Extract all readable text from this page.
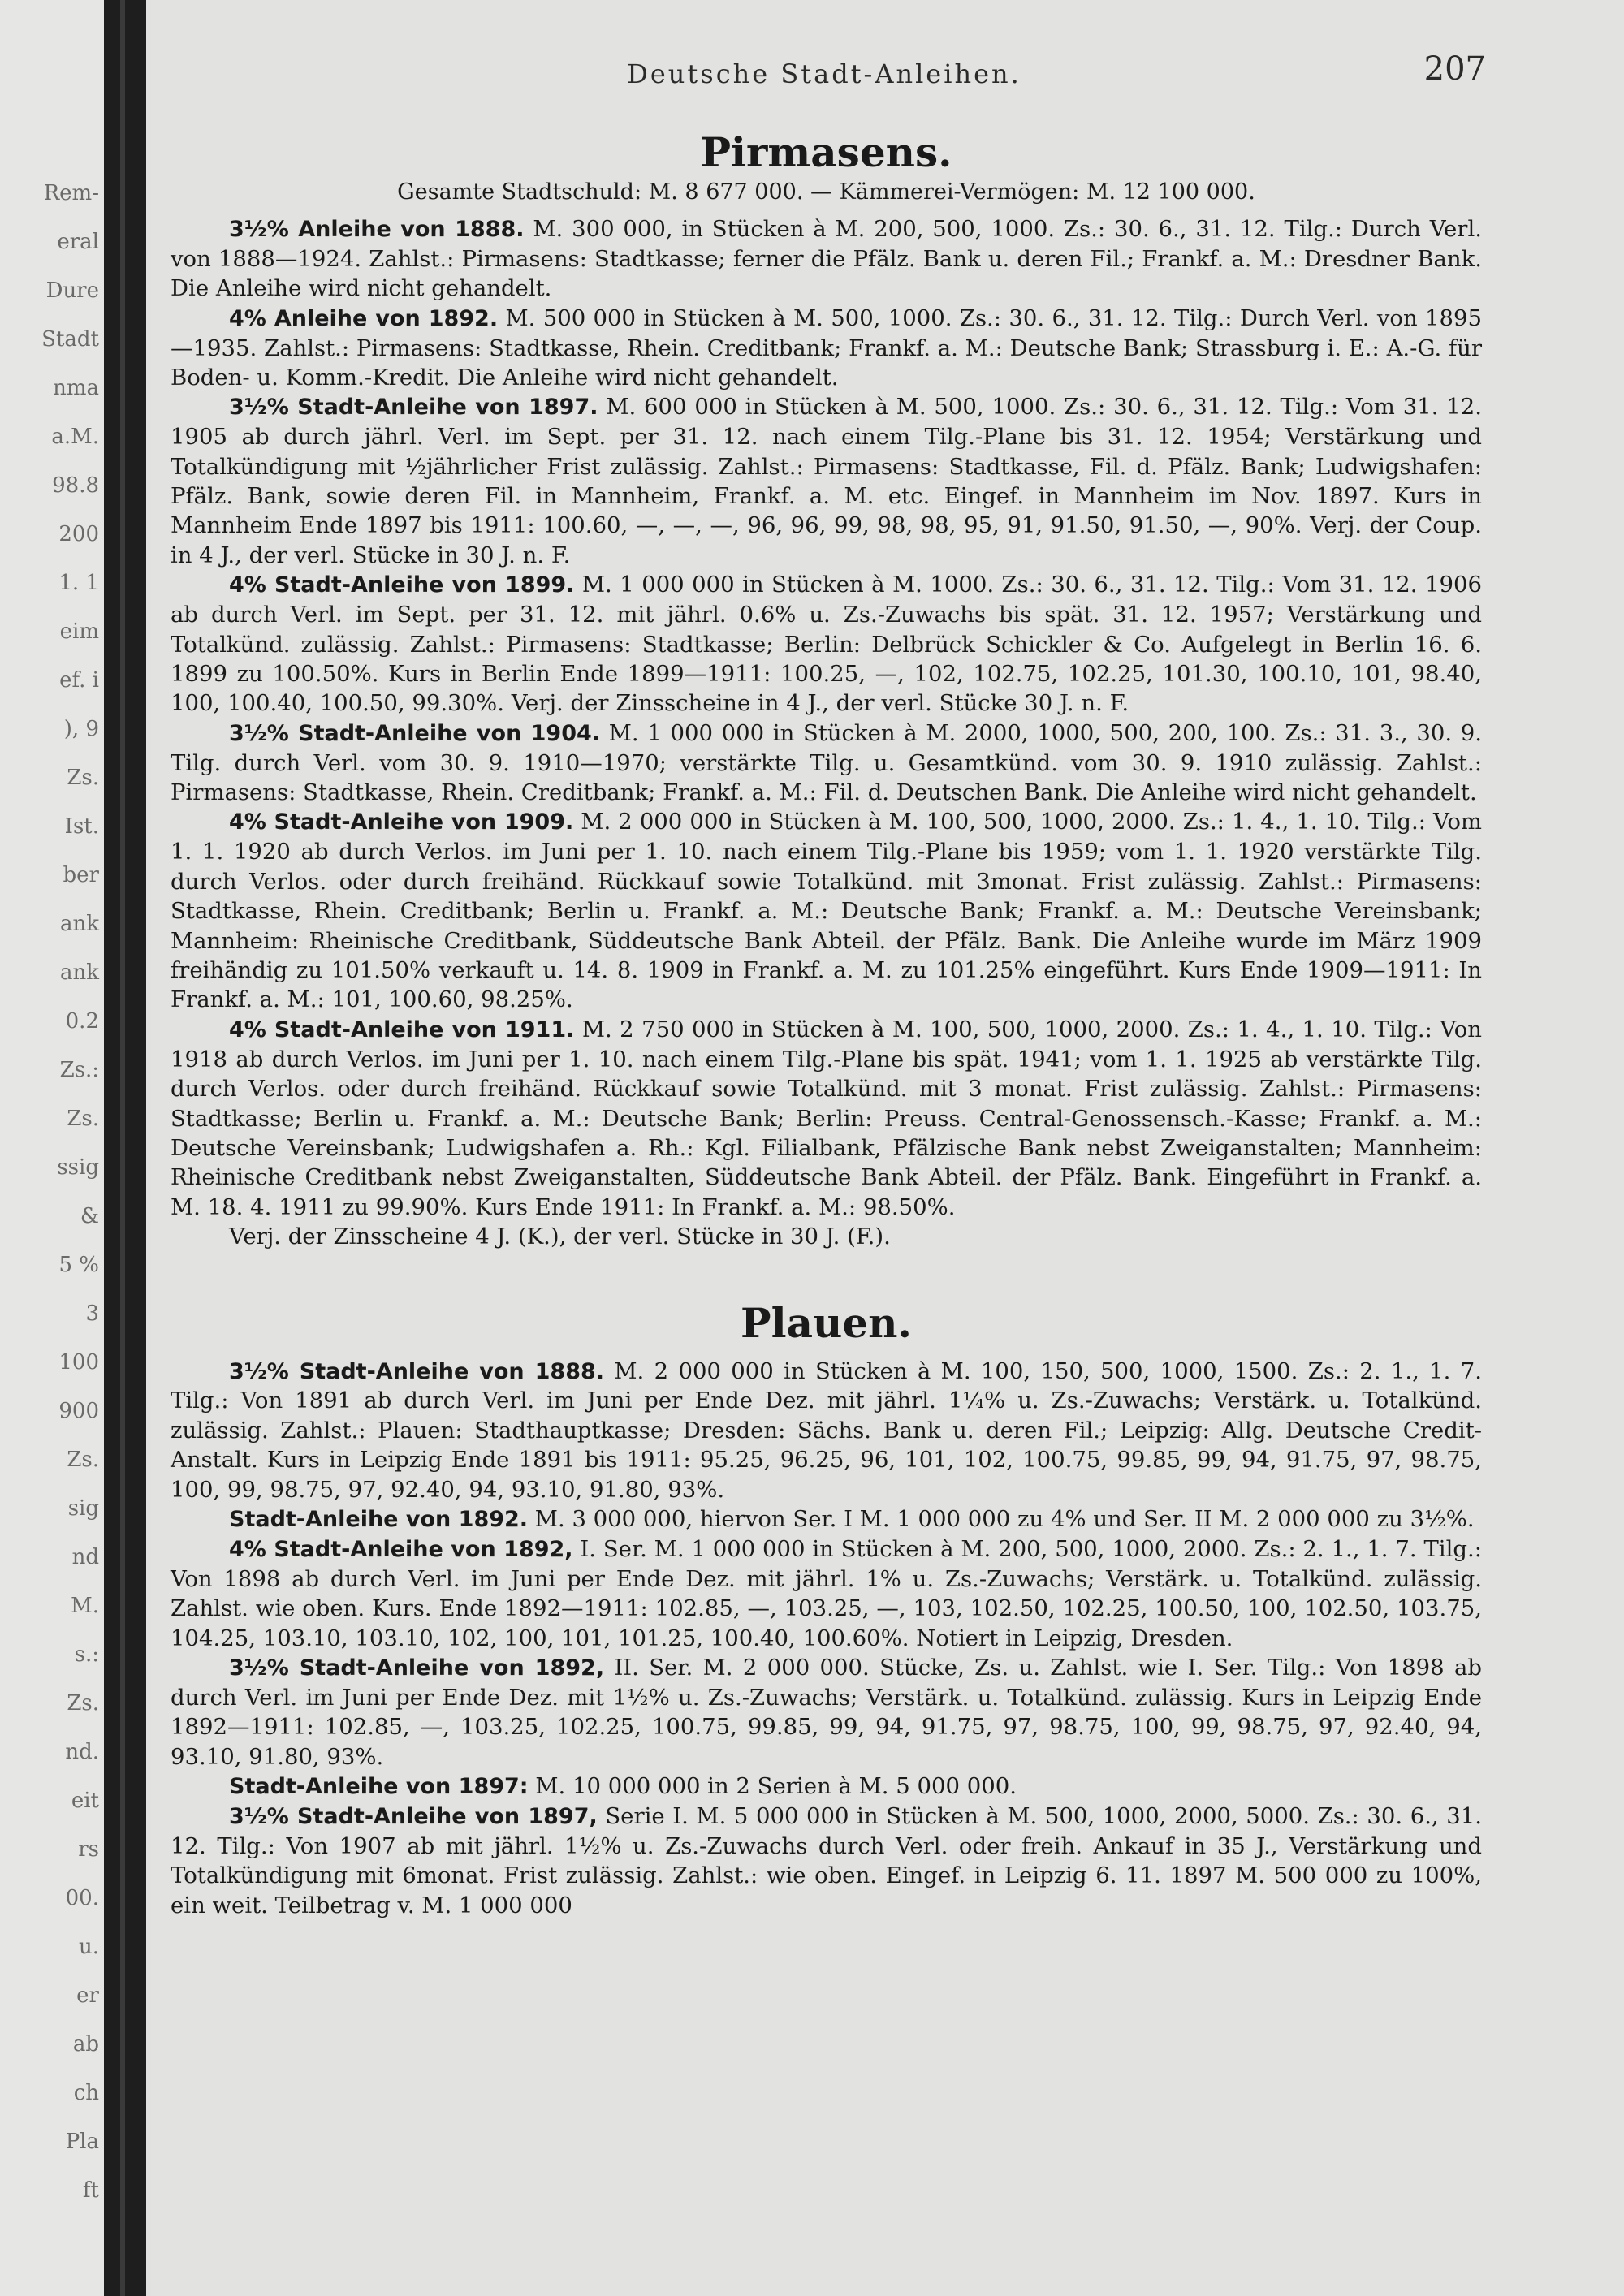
Rem-
eral
Dure
Stadt
nma
a.M.
98.8
200
1. 1
eim
ef. i
), 9
Zs.
Ist.
ber
ank
ank
0.2
Zs.:
Zs.
ssig
&
5 %
3
100
900
Zs.
sig
nd
M.
s.:
Zs.
nd.
eit
rs
00.
u.
er
ab
ch
Pla
ft
Deutsche Stadt-Anleihen.	207
Pirmasens.
Gesamte Stadtschuld: M. 8 677 000. — Kämmerei-Vermögen: M. 12 100 000.

3½% Anleihe von 1888. M. 300 000, in Stücken à M. 200, 500, 1000. Zs.: 30. 6., 31. 12. Tilg.: Durch Verl. von 1888—1924. Zahlst.: Pirmasens: Stadtkasse; ferner die Pfälz. Bank u. deren Fil.; Frankf. a. M.: Dresdner Bank. Die Anleihe wird nicht gehandelt.

4% Anleihe von 1892. M. 500 000 in Stücken à M. 500, 1000. Zs.: 30. 6., 31. 12. Tilg.: Durch Verl. von 1895—1935. Zahlst.: Pirmasens: Stadtkasse, Rhein. Creditbank; Frankf. a. M.: Deutsche Bank; Strassburg i. E.: A.-G. für Boden- u. Komm.-Kredit. Die Anleihe wird nicht gehandelt.

3½% Stadt-Anleihe von 1897. M. 600 000 in Stücken à M. 500, 1000. Zs.: 30. 6., 31. 12. Tilg.: Vom 31. 12. 1905 ab durch jährl. Verl. im Sept. per 31. 12. nach einem Tilg.-Plane bis 31. 12. 1954; Verstärkung und Totalkündigung mit ½jährlicher Frist zulässig. Zahlst.: Pirmasens: Stadtkasse, Fil. d. Pfälz. Bank; Ludwigshafen: Pfälz. Bank, sowie deren Fil. in Mannheim, Frankf. a. M. etc. Eingef. in Mannheim im Nov. 1897. Kurs in Mannheim Ende 1897 bis 1911: 100.60, —, —, —, 96, 96, 99, 98, 98, 95, 91, 91.50, 91.50, —, 90%. Verj. der Coup. in 4 J., der verl. Stücke in 30 J. n. F.

4% Stadt-Anleihe von 1899. M. 1 000 000 in Stücken à M. 1000. Zs.: 30. 6., 31. 12. Tilg.: Vom 31. 12. 1906 ab durch Verl. im Sept. per 31. 12. mit jährl. 0.6% u. Zs.-Zuwachs bis spät. 31. 12. 1957; Verstärkung und Totalkünd. zulässig. Zahlst.: Pirmasens: Stadtkasse; Berlin: Delbrück Schickler & Co. Aufgelegt in Berlin 16. 6. 1899 zu 100.50%. Kurs in Berlin Ende 1899—1911: 100.25, —, 102, 102.75, 102.25, 101.30, 100.10, 101, 98.40, 100, 100.40, 100.50, 99.30%. Verj. der Zinsscheine in 4 J., der verl. Stücke 30 J. n. F.

3½% Stadt-Anleihe von 1904. M. 1 000 000 in Stücken à M. 2000, 1000, 500, 200, 100. Zs.: 31. 3., 30. 9. Tilg. durch Verl. vom 30. 9. 1910—1970; verstärkte Tilg. u. Gesamtkünd. vom 30. 9. 1910 zulässig. Zahlst.: Pirmasens: Stadtkasse, Rhein. Creditbank; Frankf. a. M.: Fil. d. Deutschen Bank. Die Anleihe wird nicht gehandelt.

4% Stadt-Anleihe von 1909. M. 2 000 000 in Stücken à M. 100, 500, 1000, 2000. Zs.: 1. 4., 1. 10. Tilg.: Vom 1. 1. 1920 ab durch Verlos. im Juni per 1. 10. nach einem Tilg.-Plane bis 1959; vom 1. 1. 1920 verstärkte Tilg. durch Verlos. oder durch freihänd. Rückkauf sowie Totalkünd. mit 3monat. Frist zulässig. Zahlst.: Pirmasens: Stadtkasse, Rhein. Creditbank; Berlin u. Frankf. a. M.: Deutsche Bank; Frankf. a. M.: Deutsche Vereinsbank; Mannheim: Rheinische Creditbank, Süddeutsche Bank Abteil. der Pfälz. Bank. Die Anleihe wurde im März 1909 freihändig zu 101.50% verkauft u. 14. 8. 1909 in Frankf. a. M. zu 101.25% eingeführt. Kurs Ende 1909—1911: In Frankf. a. M.: 101, 100.60, 98.25%.

4% Stadt-Anleihe von 1911. M. 2 750 000 in Stücken à M. 100, 500, 1000, 2000. Zs.: 1. 4., 1. 10. Tilg.: Von 1918 ab durch Verlos. im Juni per 1. 10. nach einem Tilg.-Plane bis spät. 1941; vom 1. 1. 1925 ab verstärkte Tilg. durch Verlos. oder durch freihänd. Rückkauf sowie Totalkünd. mit 3 monat. Frist zulässig. Zahlst.: Pirmasens: Stadtkasse; Berlin u. Frankf. a. M.: Deutsche Bank; Berlin: Preuss. Central-Genossensch.-Kasse; Frankf. a. M.: Deutsche Vereinsbank; Ludwigshafen a. Rh.: Kgl. Filialbank, Pfälzische Bank nebst Zweiganstalten; Mannheim: Rheinische Creditbank nebst Zweiganstalten, Süddeutsche Bank Abteil. der Pfälz. Bank. Eingeführt in Frankf. a. M. 18. 4. 1911 zu 99.90%. Kurs Ende 1911: In Frankf. a. M.: 98.50%.

Verj. der Zinsscheine 4 J. (K.), der verl. Stücke in 30 J. (F.).

Plauen.

3½% Stadt-Anleihe von 1888. M. 2 000 000 in Stücken à M. 100, 150, 500, 1000, 1500. Zs.: 2. 1., 1. 7. Tilg.: Von 1891 ab durch Verl. im Juni per Ende Dez. mit jährl. 1¼% u. Zs.-Zuwachs; Verstärk. u. Totalkünd. zulässig. Zahlst.: Plauen: Stadthauptkasse; Dresden: Sächs. Bank u. deren Fil.; Leipzig: Allg. Deutsche Credit-Anstalt. Kurs in Leipzig Ende 1891 bis 1911: 95.25, 96.25, 96, 101, 102, 100.75, 99.85, 99, 94, 91.75, 97, 98.75, 100, 99, 98.75, 97, 92.40, 94, 93.10, 91.80, 93%.

Stadt-Anleihe von 1892. M. 3 000 000, hiervon Ser. I M. 1 000 000 zu 4% und Ser. II M. 2 000 000 zu 3½%.

4% Stadt-Anleihe von 1892, I. Ser. M. 1 000 000 in Stücken à M. 200, 500, 1000, 2000. Zs.: 2. 1., 1. 7. Tilg.: Von 1898 ab durch Verl. im Juni per Ende Dez. mit jährl. 1% u. Zs.-Zuwachs; Verstärk. u. Totalkünd. zulässig. Zahlst. wie oben. Kurs. Ende 1892—1911: 102.85, —, 103.25, —, 103, 102.50, 102.25, 100.50, 100, 102.50, 103.75, 104.25, 103.10, 103.10, 102, 100, 101, 101.25, 100.40, 100.60%. Notiert in Leipzig, Dresden.

3½% Stadt-Anleihe von 1892, II. Ser. M. 2 000 000. Stücke, Zs. u. Zahlst. wie I. Ser. Tilg.: Von 1898 ab durch Verl. im Juni per Ende Dez. mit 1½% u. Zs.-Zuwachs; Verstärk. u. Totalkünd. zulässig. Kurs in Leipzig Ende 1892—1911: 102.85, —, 103.25, 102.25, 100.75, 99.85, 99, 94, 91.75, 97, 98.75, 100, 99, 98.75, 97, 92.40, 94, 93.10, 91.80, 93%.

Stadt-Anleihe von 1897: M. 10 000 000 in 2 Serien à M. 5 000 000.

3½% Stadt-Anleihe von 1897, Serie I. M. 5 000 000 in Stücken à M. 500, 1000, 2000, 5000. Zs.: 30. 6., 31. 12. Tilg.: Von 1907 ab mit jährl. 1½% u. Zs.-Zuwachs durch Verl. oder freih. Ankauf in 35 J., Verstärkung und Totalkündigung mit 6monat. Frist zulässig. Zahlst.: wie oben. Eingef. in Leipzig 6. 11. 1897 M. 500 000 zu 100%, ein weit. Teilbetrag v. M. 1 000 000
